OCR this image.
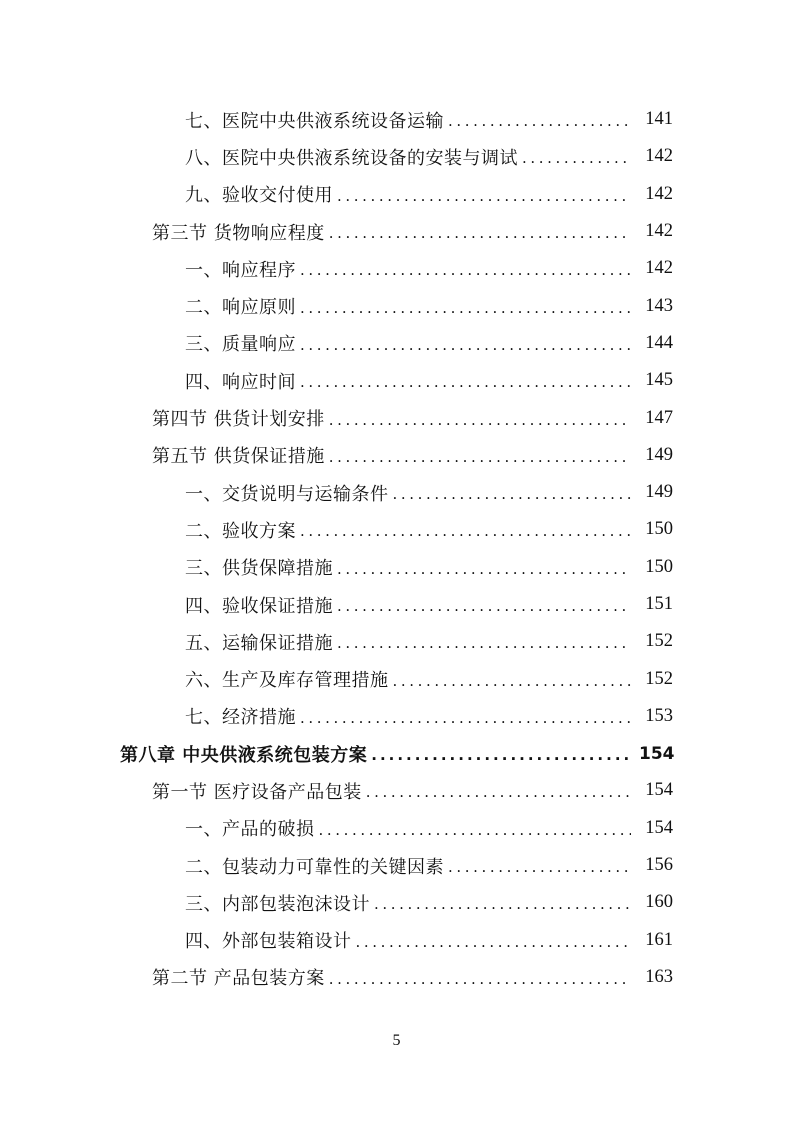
七、医院中央供液系统设备运输 .....	141
八、医院中央供液系统设备的安装与调试 .....	142
九、验收交付使用 .....	142
第三节 货物响应程度 .....	142
一、响应程序 .....	142
二、响应原则 .....	143
三、质量响应 .....	144
四、响应时间 .....	145
第四节 供货计划安排 .....	147
第五节 供货保证措施 .....	149
一、交货说明与运输条件 .....	149
二、验收方案 .....	150
三、供货保障措施 .....	150
四、验收保证措施 .....	151
五、运输保证措施 .....	152
六、生产及库存管理措施 .....	152
七、经济措施 .....	153
第八章 中央供液系统包装方案 .....	154
第一节 医疗设备产品包装 .....	154
一、产品的破损 .....	154
二、包装动力可靠性的关键因素 .....	156
三、内部包装泡沫设计 .....	160
四、外部包装箱设计 .....	161
第二节 产品包装方案 .....	163
5
